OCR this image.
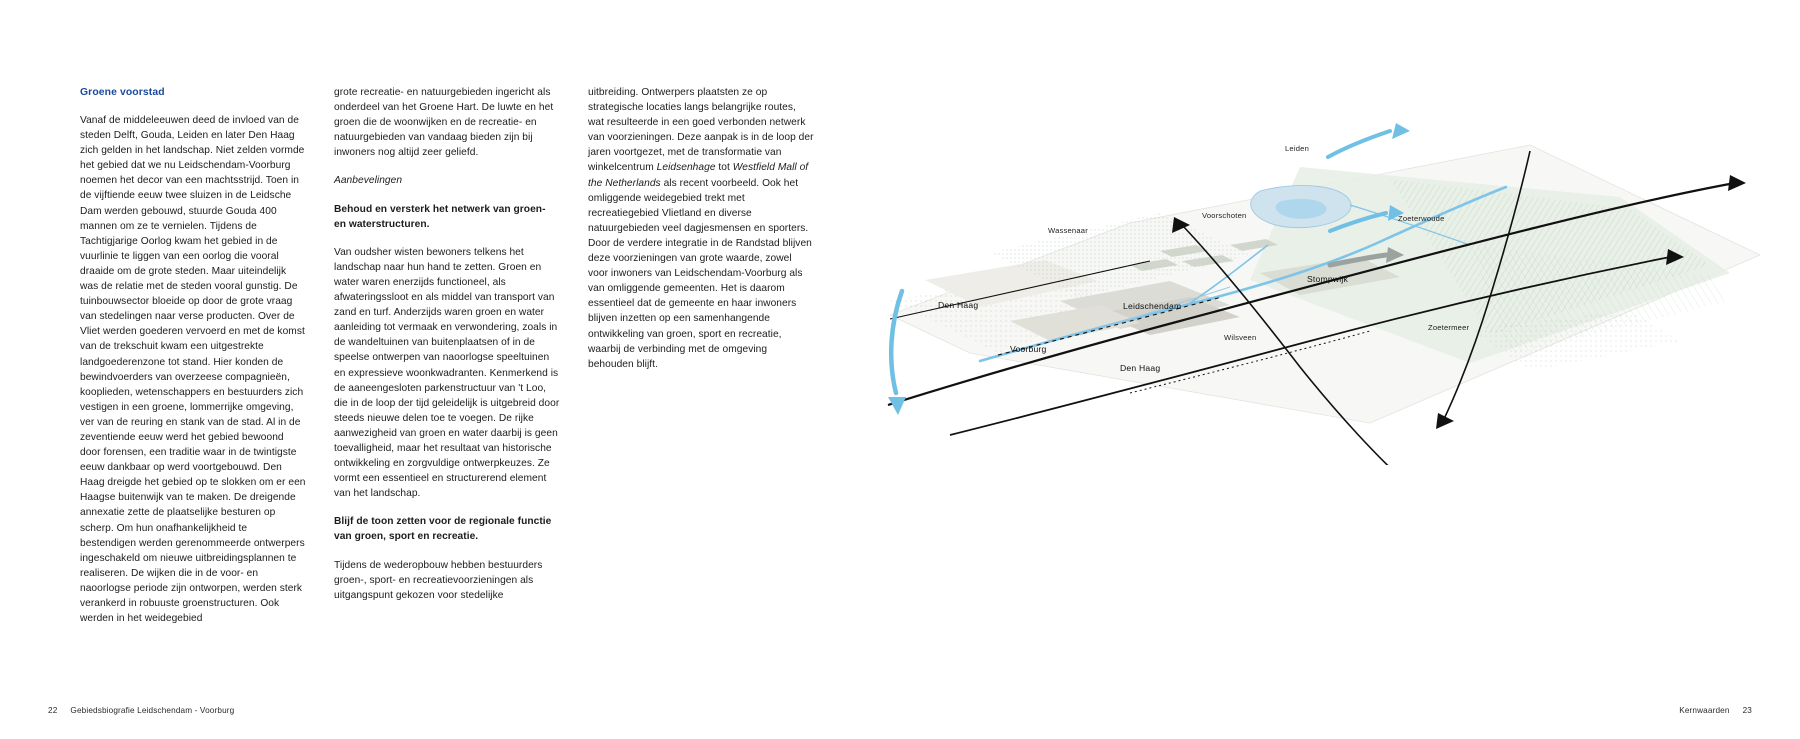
Groene voorstad

Vanaf de middeleeuwen deed de invloed van de steden Delft, Gouda, Leiden en later Den Haag zich gelden in het landschap. Niet zelden vormde het gebied dat we nu Leidschendam-Voorburg noemen het decor van een machtsstrijd. Toen in de vijftiende eeuw twee sluizen in de Leidsche Dam werden gebouwd, stuurde Gouda 400 mannen om ze te vernielen. Tijdens de Tachtigjarige Oorlog kwam het gebied in de vuurlinie te liggen van een oorlog die vooral draaide om de grote steden. Maar uiteindelijk was de relatie met de steden vooral gunstig. De tuinbouwsector bloeide op door de grote vraag van stedelingen naar verse producten. Over de Vliet werden goederen vervoerd en met de komst van de trekschuit kwam een uitgestrekte landgoederenzone tot stand. Hier konden de bewindvoerders van overzeese compagnieën, kooplieden, wetenschappers en bestuurders zich vestigen in een groene, lommerrijke omgeving, ver van de reuring en stank van de stad. Al in de zeventiende eeuw werd het gebied bewoond door forensen, een traditie waar in de twintigste eeuw dankbaar op werd voortgebouwd. Den Haag dreigde het gebied op te slokken om er een Haagse buitenwijk van te maken. De dreigende annexatie zette de plaatselijke besturen op scherp. Om hun onafhankelijkheid te bestendigen werden gerenommeerde ontwerpers ingeschakeld om nieuwe uitbreidingsplannen te realiseren. De wijken die in de voor- en naoorlogse periode zijn ontworpen, werden sterk verankerd in robuuste groenstructuren. Ook werden in het weidegebied

grote recreatie- en natuurgebieden ingericht als onderdeel van het Groene Hart. De luwte en het groen die de woonwijken en de recreatie- en natuurgebieden van vandaag bieden zijn bij inwoners nog altijd zeer geliefd.

Aanbevelingen

Behoud en versterk het netwerk van groen- en waterstructuren.

Van oudsher wisten bewoners telkens het landschap naar hun hand te zetten. Groen en water waren enerzijds functioneel, als afwateringssloot en als middel van transport van zand en turf. Anderzijds waren groen en water aanleiding tot vermaak en verwondering, zoals in de wandeltuinen van buitenplaatsen of in de speelse ontwerpen van naoorlogse speeltuinen en expressieve woonkwadranten. Kenmerkend is de aaneengesloten parkenstructuur van 't Loo, die in de loop der tijd geleidelijk is uitgebreid door steeds nieuwe delen toe te voegen. De rijke aanwezigheid van groen en water daarbij is geen toevalligheid, maar het resultaat van historische ontwikkeling en zorgvuldige ontwerpkeuzes. Ze vormt een essentieel en structurerend element van het landschap.

Blijf de toon zetten voor de regionale functie van groen, sport en recreatie.

Tijdens de wederopbouw hebben bestuurders groen-, sport- en recreatievoorzieningen als uitgangspunt gekozen voor stedelijke

uitbreiding. Ontwerpers plaatsten ze op strategische locaties langs belangrijke routes, wat resulteerde in een goed verbonden netwerk van voorzieningen. Deze aanpak is in de loop der jaren voortgezet, met de transformatie van winkelcentrum Leidsenhage tot Westfield Mall of the Netherlands als recent voorbeeld. Ook het omliggende weidegebied trekt met recreatiegebied Vlietland en diverse natuurgebieden veel dagjesmensen en sporters. Door de verdere integratie in de Randstad blijven deze voorzieningen van grote waarde, zowel voor inwoners van Leidschendam-Voorburg als van omliggende gemeenten. Het is daarom essentieel dat de gemeente en haar inwoners blijven inzetten op een samenhangende ontwikkeling van groen, sport en recreatie, waarbij de verbinding met de omgeving behouden blijft.

Leiden
Zoeterwoude
Voorschoten
Wassenaar
Stompwijk
Leidschendam
Den Haag
Voorburg
Wilsveen
Zoetermeer
Den Haag
22 Gebiedsbiografie Leidschendam - Voorburg	Kernwaarden 23
